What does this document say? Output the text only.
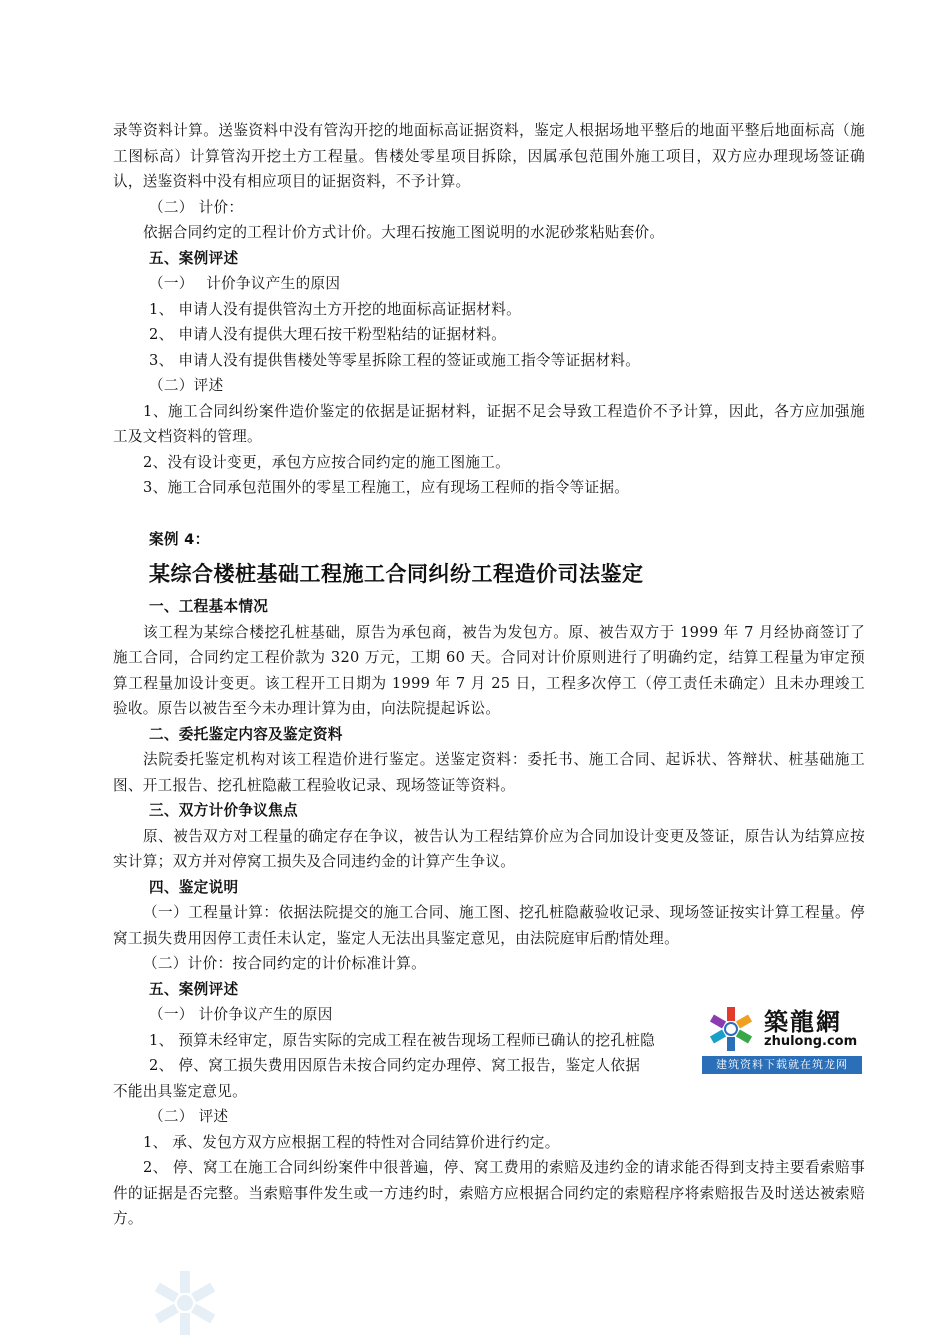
录等资料计算。送鉴资料中没有管沟开挖的地面标高证据资料，鉴定人根据场地平整后的地面平整后地面标高（施工图标高）计算管沟开挖土方工程量。售楼处零星项目拆除，因属承包范围外施工项目，双方应办理现场签证确认，送鉴资料中没有相应项目的证据资料，不予计算。

（二） 计价：

依据合同约定的工程计价方式计价。大理石按施工图说明的水泥砂浆粘贴套价。

五、案例评述

（一）　 计价争议产生的原因

1、 申请人没有提供管沟土方开挖的地面标高证据材料。

2、 申请人没有提供大理石按干粉型粘结的证据材料。

3、 申请人没有提供售楼处等零星拆除工程的签证或施工指令等证据材料。

（二）评述

1、施工合同纠纷案件造价鉴定的依据是证据材料，证据不足会导致工程造价不予计算，因此，各方应加强施工及文档资料的管理。

2、没有设计变更，承包方应按合同约定的施工图施工。

3、施工合同承包范围外的零星工程施工，应有现场工程师的指令等证据。

案例 4：

某综合楼桩基础工程施工合同纠纷工程造价司法鉴定

一、工程基本情况

该工程为某综合楼挖孔桩基础，原告为承包商，被告为发包方。原、被告双方于 1999 年 7 月经协商签订了施工合同，合同约定工程价款为 320 万元，工期 60 天。合同对计价原则进行了明确约定，结算工程量为审定预算工程量加设计变更。该工程开工日期为 1999 年 7 月 25 日，工程多次停工（停工责任未确定）且未办理竣工验收。原告以被告至今未办理计算为由，向法院提起诉讼。

二、委托鉴定内容及鉴定资料

法院委托鉴定机构对该工程造价进行鉴定。送鉴定资料：委托书、施工合同、起诉状、答辩状、桩基础施工图、开工报告、挖孔桩隐蔽工程验收记录、现场签证等资料。

三、双方计价争议焦点

原、被告双方对工程量的确定存在争议，被告认为工程结算价应为合同加设计变更及签证，原告认为结算应按实计算；双方并对停窝工损失及合同违约金的计算产生争议。

四、鉴定说明

（一）工程量计算：依据法院提交的施工合同、施工图、挖孔桩隐蔽验收记录、现场签证按实计算工程量。停窝工损失费用因停工责任未认定，鉴定人无法出具鉴定意见，由法院庭审后酌情处理。

（二）计价：按合同约定的计价标准计算。

五、案例评述

（一） 计价争议产生的原因

1、 预算未经审定，原告实际的完成工程在被告现场工程师已确认的挖孔桩隐

2、 停、窝工损失费用因原告未按合同约定办理停、窝工报告，鉴定人依据

不能出具鉴定意见。

（二） 评述

1、 承、发包方双方应根据工程的特性对合同结算价进行约定。

2、 停、窝工在施工合同纠纷案件中很普遍，停、窝工费用的索赔及违约金的请求能否得到支持主要看索赔事件的证据是否完整。当索赔事件发生或一方违约时，索赔方应根据合同约定的索赔程序将索赔报告及时送达被索赔方。

築龍網
zhulong.com
建筑资料下载就在筑龙网
